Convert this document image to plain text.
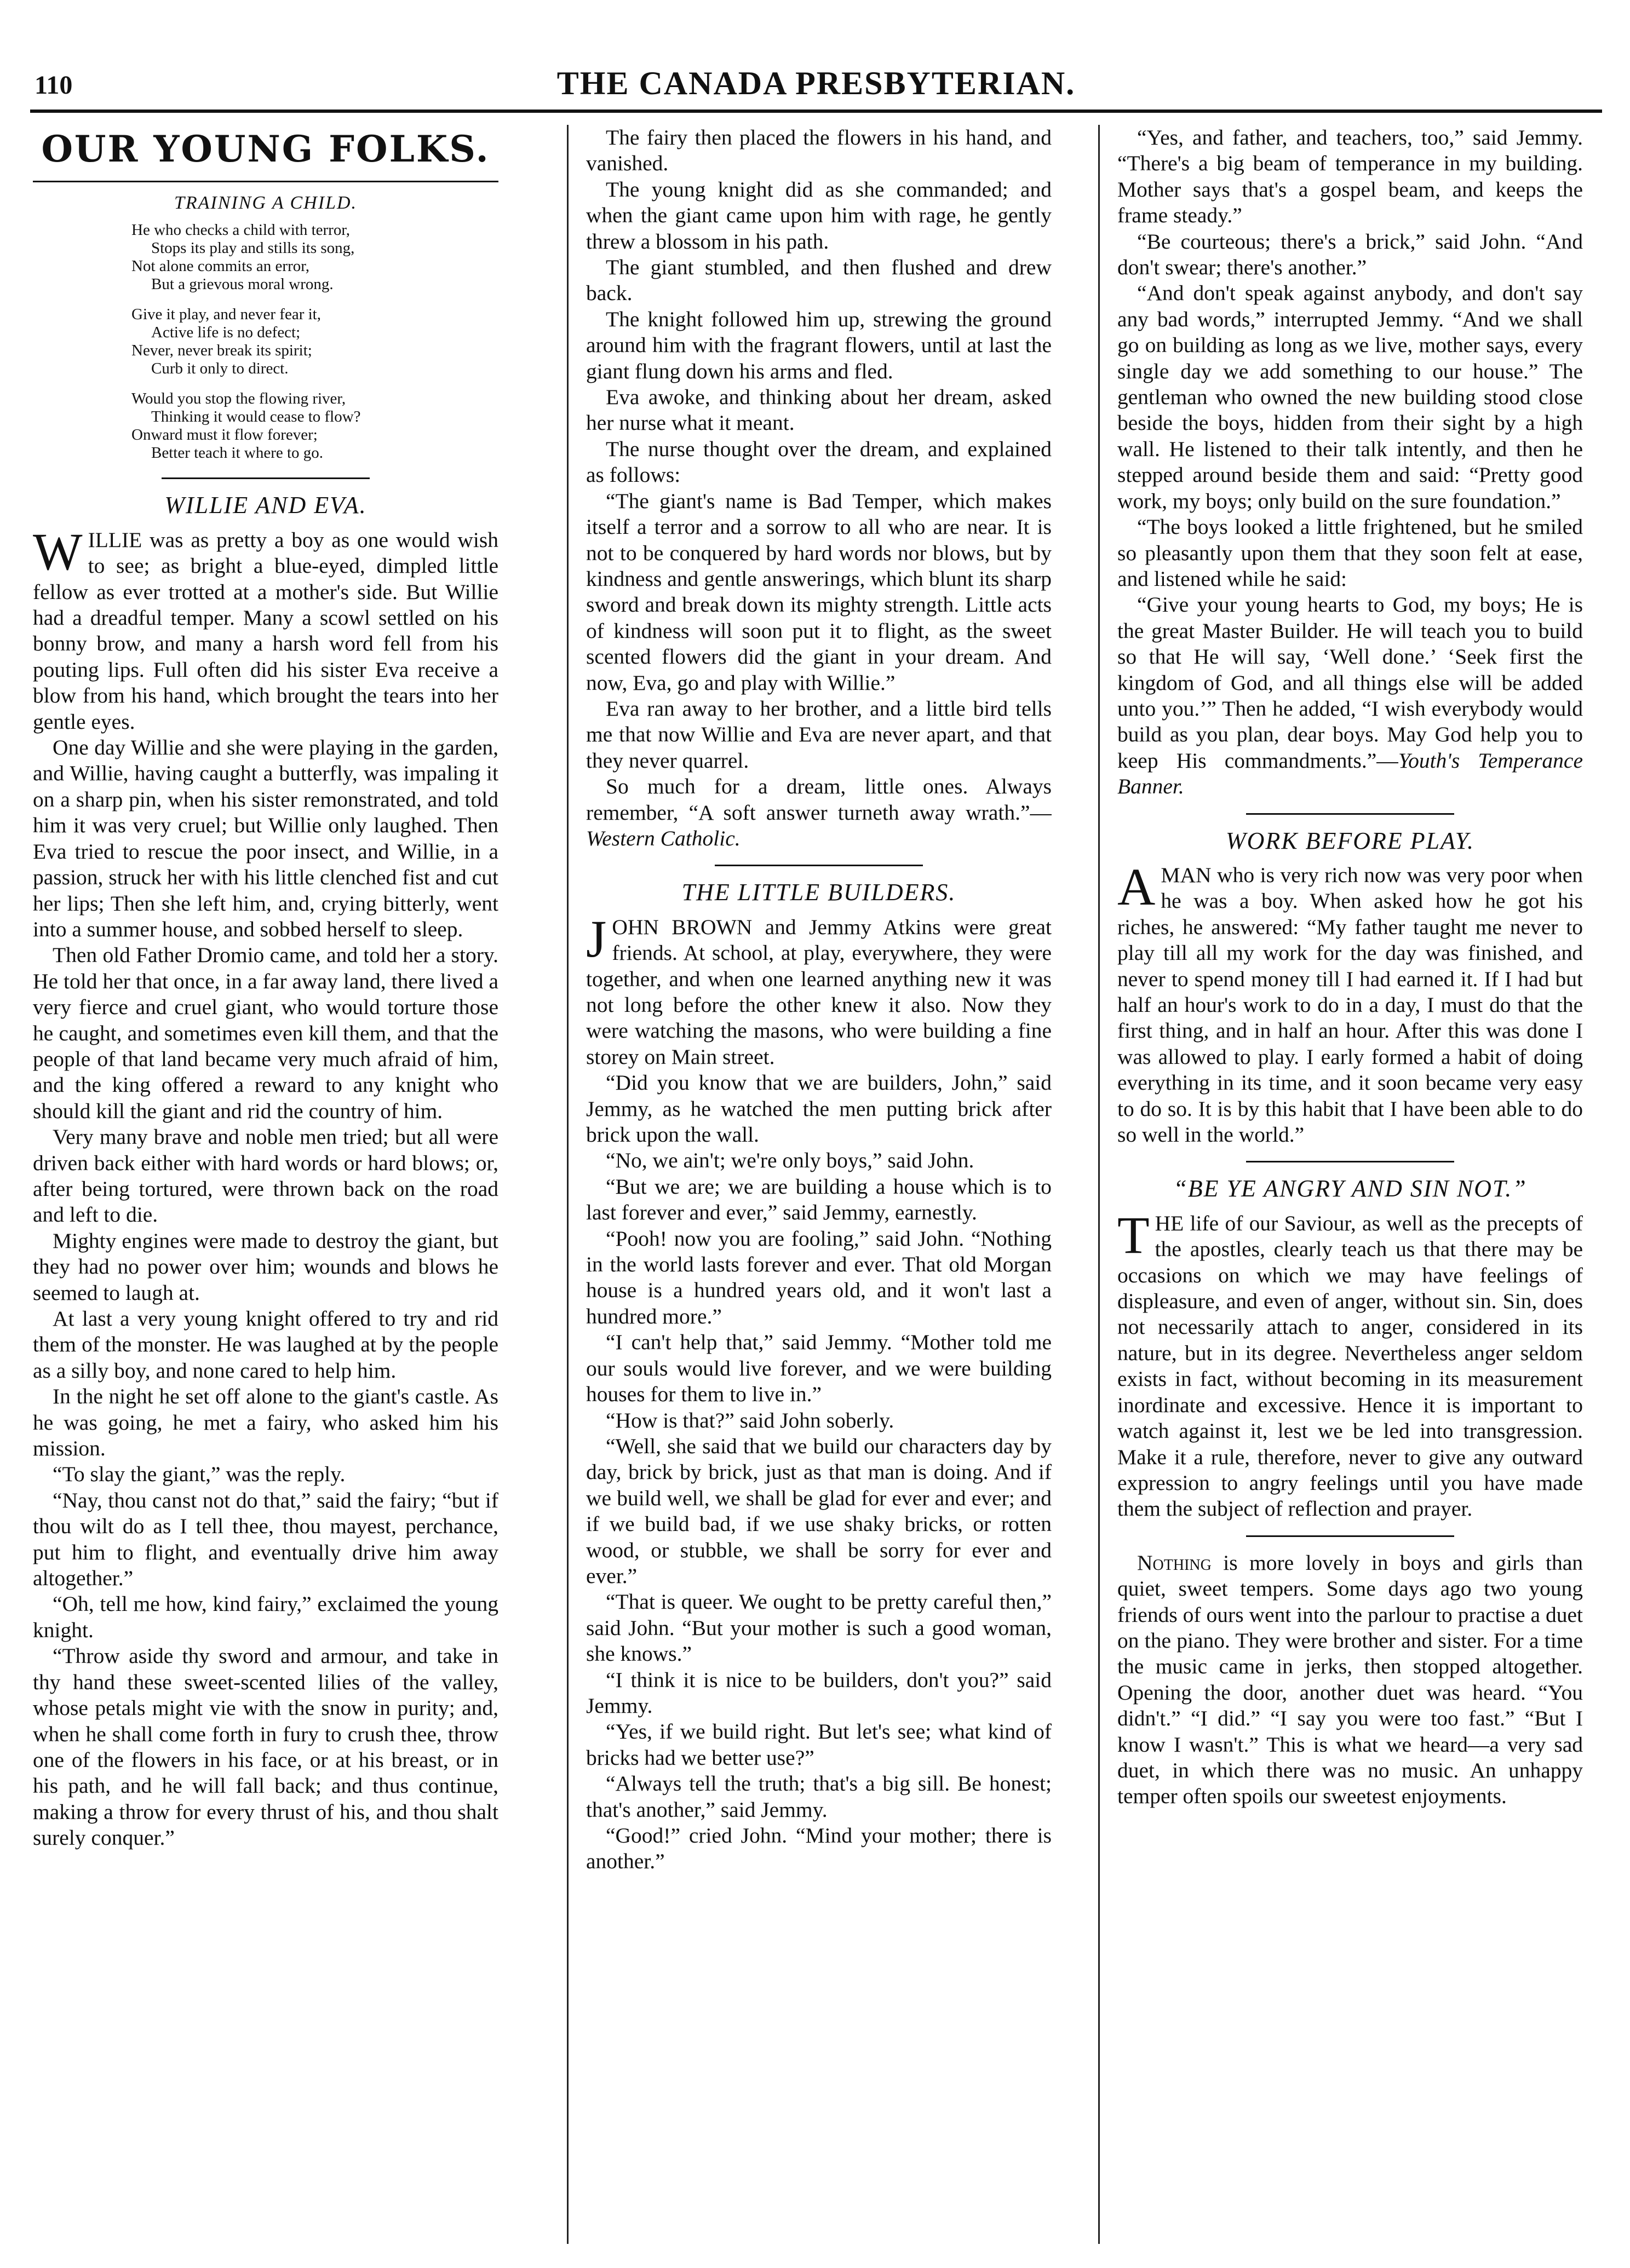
110	THE CANADA PRESBYTERIAN.
OUR YOUNG FOLKS.
TRAINING A CHILD.
He who checks a child with terror,
Stops its play and stills its song,
Not alone commits an error,
But a grievous moral wrong.
Give it play, and never fear it,
Active life is no defect;
Never, never break its spirit;
Curb it only to direct.
Would you stop the flowing river,
Thinking it would cease to flow?
Onward must it flow forever;
Better teach it where to go.
WILLIE AND EVA.

WILLIE was as pretty a boy as one would wish to see; as bright a blue-eyed, dimpled little fellow as ever trotted at a mother's side. But Willie had a dreadful temper. Many a scowl settled on his bonny brow, and many a harsh word fell from his pouting lips. Full often did his sister Eva receive a blow from his hand, which brought the tears into her gentle eyes.

One day Willie and she were playing in the garden, and Willie, having caught a butterfly, was impaling it on a sharp pin, when his sister remonstrated, and told him it was very cruel; but Willie only laughed. Then Eva tried to rescue the poor insect, and Willie, in a passion, struck her with his little clenched fist and cut her lips; Then she left him, and, crying bitterly, went into a summer house, and sobbed herself to sleep.

Then old Father Dromio came, and told her a story. He told her that once, in a far away land, there lived a very fierce and cruel giant, who would torture those he caught, and sometimes even kill them, and that the people of that land became very much afraid of him, and the king offered a reward to any knight who should kill the giant and rid the country of him.

Very many brave and noble men tried; but all were driven back either with hard words or hard blows; or, after being tortured, were thrown back on the road and left to die.

Mighty engines were made to destroy the giant, but they had no power over him; wounds and blows he seemed to laugh at.

At last a very young knight offered to try and rid them of the monster. He was laughed at by the people as a silly boy, and none cared to help him.

In the night he set off alone to the giant's castle. As he was going, he met a fairy, who asked him his mission.

“To slay the giant,” was the reply.

“Nay, thou canst not do that,” said the fairy; “but if thou wilt do as I tell thee, thou mayest, perchance, put him to flight, and eventually drive him away altogether.”

“Oh, tell me how, kind fairy,” exclaimed the young knight.

“Throw aside thy sword and armour, and take in thy hand these sweet-scented lilies of the valley, whose petals might vie with the snow in purity; and, when he shall come forth in fury to crush thee, throw one of the flowers in his face, or at his breast, or in his path, and he will fall back; and thus continue, making a throw for every thrust of his, and thou shalt surely conquer.”

The fairy then placed the flowers in his hand, and vanished.

The young knight did as she commanded; and when the giant came upon him with rage, he gently threw a blossom in his path.

The giant stumbled, and then flushed and drew back.

The knight followed him up, strewing the ground around him with the fragrant flowers, until at last the giant flung down his arms and fled.

Eva awoke, and thinking about her dream, asked her nurse what it meant.

The nurse thought over the dream, and explained as follows:

“The giant's name is Bad Temper, which makes itself a terror and a sorrow to all who are near. It is not to be conquered by hard words nor blows, but by kindness and gentle answerings, which blunt its sharp sword and break down its mighty strength. Little acts of kindness will soon put it to flight, as the sweet scented flowers did the giant in your dream. And now, Eva, go and play with Willie.”

Eva ran away to her brother, and a little bird tells me that now Willie and Eva are never apart, and that they never quarrel.

So much for a dream, little ones. Always remember, “A soft answer turneth away wrath.”—Western Catholic.

THE LITTLE BUILDERS.

JOHN BROWN and Jemmy Atkins were great friends. At school, at play, everywhere, they were together, and when one learned anything new it was not long before the other knew it also. Now they were watching the masons, who were building a fine storey on Main street.

“Did you know that we are builders, John,” said Jemmy, as he watched the men putting brick after brick upon the wall.

“No, we ain't; we're only boys,” said John.

“But we are; we are building a house which is to last forever and ever,” said Jemmy, earnestly.

“Pooh! now you are fooling,” said John. “Nothing in the world lasts forever and ever. That old Morgan house is a hundred years old, and it won't last a hundred more.”

“I can't help that,” said Jemmy. “Mother told me our souls would live forever, and we were building houses for them to live in.”

“How is that?” said John soberly.

“Well, she said that we build our characters day by day, brick by brick, just as that man is doing. And if we build well, we shall be glad for ever and ever; and if we build bad, if we use shaky bricks, or rotten wood, or stubble, we shall be sorry for ever and ever.”

“That is queer. We ought to be pretty careful then,” said John. “But your mother is such a good woman, she knows.”

“I think it is nice to be builders, don't you?” said Jemmy.

“Yes, if we build right. But let's see; what kind of bricks had we better use?”

“Always tell the truth; that's a big sill. Be honest; that's another,” said Jemmy.

“Good!” cried John. “Mind your mother; there is another.”

“Yes, and father, and teachers, too,” said Jemmy. “There's a big beam of temperance in my building. Mother says that's a gospel beam, and keeps the frame steady.”

“Be courteous; there's a brick,” said John. “And don't swear; there's another.”

“And don't speak against anybody, and don't say any bad words,” interrupted Jemmy. “And we shall go on building as long as we live, mother says, every single day we add something to our house.” The gentleman who owned the new building stood close beside the boys, hidden from their sight by a high wall. He listened to their talk intently, and then he stepped around beside them and said: “Pretty good work, my boys; only build on the sure foundation.”

“The boys looked a little frightened, but he smiled so pleasantly upon them that they soon felt at ease, and listened while he said:

“Give your young hearts to God, my boys; He is the great Master Builder. He will teach you to build so that He will say, ‘Well done.’ ‘Seek first the kingdom of God, and all things else will be added unto you.’” Then he added, “I wish everybody would build as you plan, dear boys. May God help you to keep His commandments.”—Youth's Temperance Banner.

WORK BEFORE PLAY.

AMAN who is very rich now was very poor when he was a boy. When asked how he got his riches, he answered: “My father taught me never to play till all my work for the day was finished, and never to spend money till I had earned it. If I had but half an hour's work to do in a day, I must do that the first thing, and in half an hour. After this was done I was allowed to play. I early formed a habit of doing everything in its time, and it soon became very easy to do so. It is by this habit that I have been able to do so well in the world.”

“BE YE ANGRY AND SIN NOT.”

THE life of our Saviour, as well as the precepts of the apostles, clearly teach us that there may be occasions on which we may have feelings of displeasure, and even of anger, without sin. Sin, does not necessarily attach to anger, considered in its nature, but in its degree. Nevertheless anger seldom exists in fact, without becoming in its measurement inordinate and excessive. Hence it is important to watch against it, lest we be led into transgression. Make it a rule, therefore, never to give any outward expression to angry feelings until you have made them the subject of reflection and prayer.

Nothing is more lovely in boys and girls than quiet, sweet tempers. Some days ago two young friends of ours went into the parlour to practise a duet on the piano. They were brother and sister. For a time the music came in jerks, then stopped altogether. Opening the door, another duet was heard. “You didn't.” “I did.” “I say you were too fast.” “But I know I wasn't.” This is what we heard—a very sad duet, in which there was no music. An unhappy temper often spoils our sweetest enjoyments.
